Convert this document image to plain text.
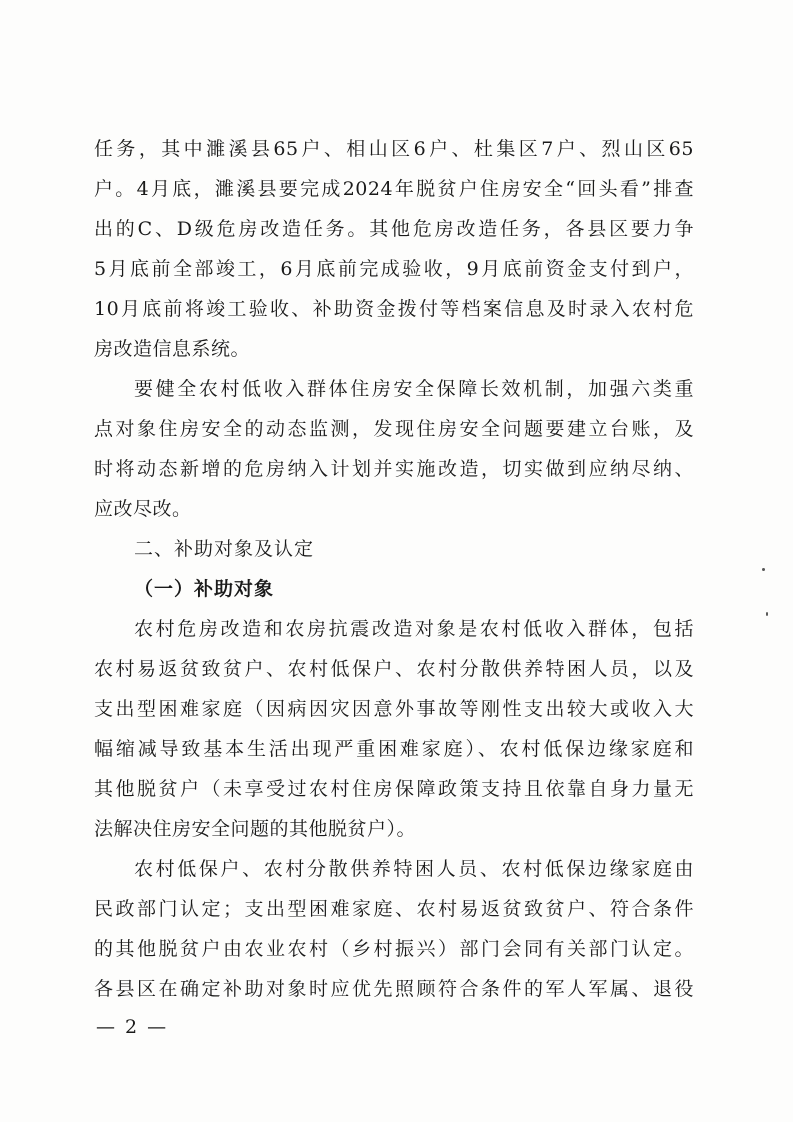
任务，其中濉溪县65户、相山区6户、杜集区7户、烈山区65
户。4月底，濉溪县要完成2024年脱贫户住房安全“回头看”排查
出的C、D级危房改造任务。其他危房改造任务，各县区要力争
5月底前全部竣工，6月底前完成验收，9月底前资金支付到户，
10月底前将竣工验收、补助资金拨付等档案信息及时录入农村危
房改造信息系统。
要健全农村低收入群体住房安全保障长效机制，加强六类重
点对象住房安全的动态监测，发现住房安全问题要建立台账，及
时将动态新增的危房纳入计划并实施改造，切实做到应纳尽纳、
应改尽改。
二、补助对象及认定
（一）补助对象
农村危房改造和农房抗震改造对象是农村低收入群体，包括
农村易返贫致贫户、农村低保户、农村分散供养特困人员，以及
支出型困难家庭（因病因灾因意外事故等刚性支出较大或收入大
幅缩减导致基本生活出现严重困难家庭）、农村低保边缘家庭和
其他脱贫户（未享受过农村住房保障政策支持且依靠自身力量无
法解决住房安全问题的其他脱贫户）。
农村低保户、农村分散供养特困人员、农村低保边缘家庭由
民政部门认定；支出型困难家庭、农村易返贫致贫户、符合条件
的其他脱贫户由农业农村（乡村振兴）部门会同有关部门认定。
各县区在确定补助对象时应优先照顾符合条件的军人军属、退役
— 2 —
